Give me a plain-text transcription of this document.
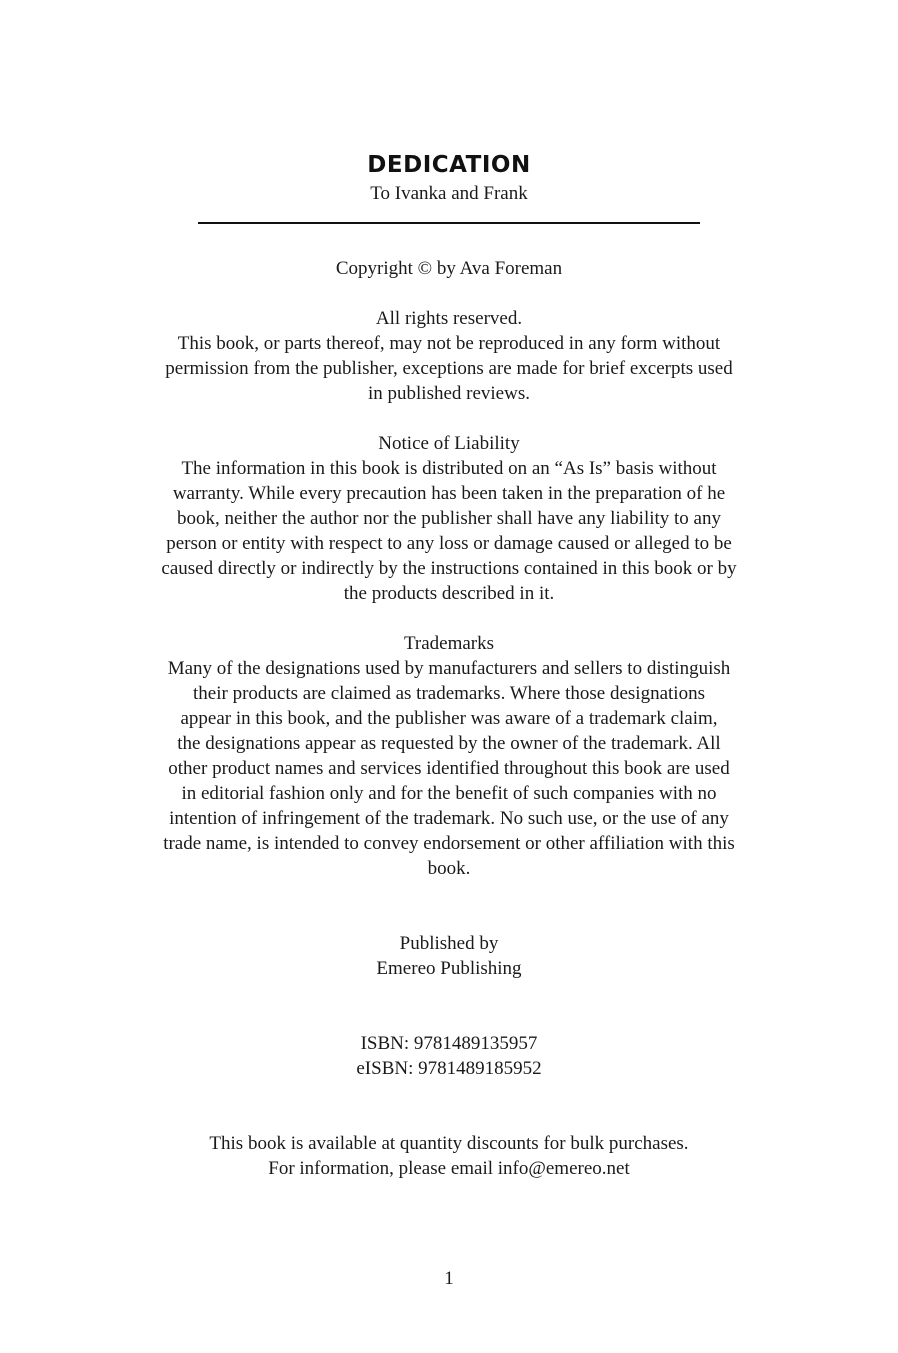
DEDICATION
To Ivanka and Frank

Copyright © by Ava Foreman

All rights reserved.

This book, or parts thereof, may not be reproduced in any form without

permission from the publisher, exceptions are made for brief excerpts used

in published reviews.

Notice of Liability

The information in this book is distributed on an “As Is” basis without

warranty. While every precaution has been taken in the preparation of he

book, neither the author nor the publisher shall have any liability to any

person or entity with respect to any loss or damage caused or alleged to be

caused directly or indirectly by the instructions contained in this book or by

the products described in it.

Trademarks

Many of the designations used by manufacturers and sellers to distinguish

their products are claimed as trademarks. Where those designations

appear in this book, and the publisher was aware of a trademark claim,

the designations appear as requested by the owner of the trademark. All

other product names and services identified throughout this book are used

in editorial fashion only and for the benefit of such companies with no

intention of infringement of the trademark. No such use, or the use of any

trade name, is intended to convey endorsement or other affiliation with this

book.

Published by

Emereo Publishing

ISBN: 9781489135957

eISBN: 9781489185952

This book is available at quantity discounts for bulk purchases.

For information, please email info@emereo.net

1
